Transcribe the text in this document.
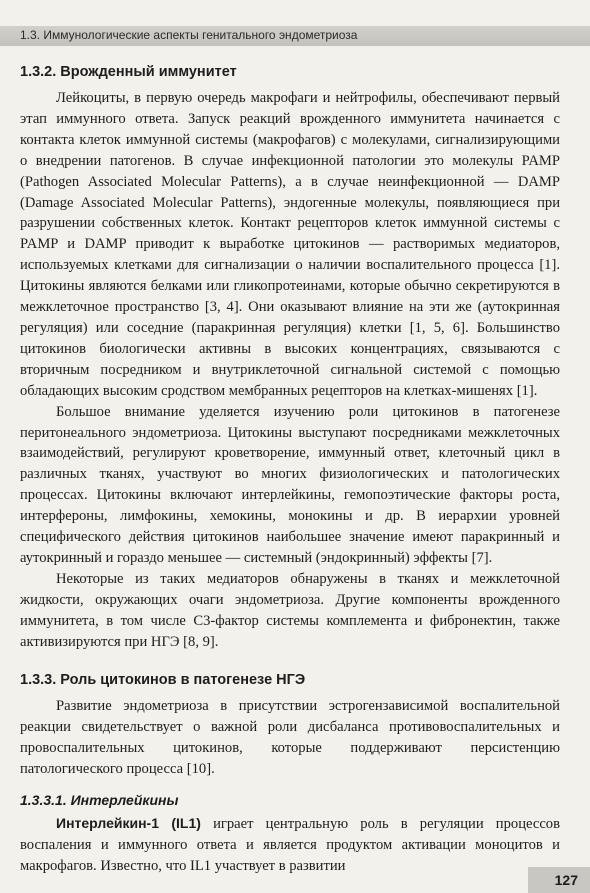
1.3. Иммунологические аспекты генитального эндометриоза
1.3.2. Врожденный иммунитет

Лейкоциты, в первую очередь макрофаги и нейтрофилы, обеспечивают первый этап иммунного ответа. Запуск реакций врожденного иммунитета начинается с контакта клеток иммунной системы (макрофагов) с молекулами, сигнализирующими о внедрении патогенов. В случае инфекционной патологии это молекулы PAMP (Pathogen Associated Molecular Patterns), а в случае неинфекционной — DAMP (Damage Associated Molecular Patterns), эндогенные молекулы, появляющиеся при разрушении собственных клеток. Контакт рецепторов клеток иммунной системы с PAMP и DAMP приводит к выработке цитокинов — растворимых медиаторов, используемых клетками для сигнализации о наличии воспалительного процесса [1]. Цитокины являются белками или гликопротеинами, которые обычно секретируются в межклеточное пространство [3, 4]. Они оказывают влияние на эти же (аутокринная регуляция) или соседние (паракринная регуляция) клетки [1, 5, 6]. Большинство цитокинов биологически активны в высоких концентрациях, связываются с вторичным посредником и внутриклеточной сигнальной системой с помощью обладающих высоким сродством мембранных рецепторов на клетках-мишенях [1].

Большое внимание уделяется изучению роли цитокинов в патогенезе перитонеального эндометриоза. Цитокины выступают посредниками межклеточных взаимодействий, регулируют кроветворение, иммунный ответ, клеточный цикл в различных тканях, участвуют во многих физиологических и патологических процессах. Цитокины включают интерлейкины, гемопоэтические факторы роста, интерфероны, лимфокины, хемокины, монокины и др. В иерархии уровней специфического действия цитокинов наибольшее значение имеют паракринный и аутокринный и гораздо меньшее — системный (эндокринный) эффекты [7].

Некоторые из таких медиаторов обнаружены в тканях и межклеточной жидкости, окружающих очаги эндометриоза. Другие компоненты врожденного иммунитета, в том числе С3-фактор системы комплемента и фибронектин, также активизируются при НГЭ [8, 9].

1.3.3. Роль цитокинов в патогенезе НГЭ

Развитие эндометриоза в присутствии эстрогензависимой воспалительной реакции свидетельствует о важной роли дисбаланса противовоспалительных и провоспалительных цитокинов, которые поддерживают персистенцию патологического процесса [10].

1.3.3.1. Интерлейкины

Интерлейкин-1 (IL1) играет центральную роль в регуляции процессов воспаления и иммунного ответа и является продуктом активации моноцитов и макрофагов. Известно, что IL1 участвует в развитии

127
